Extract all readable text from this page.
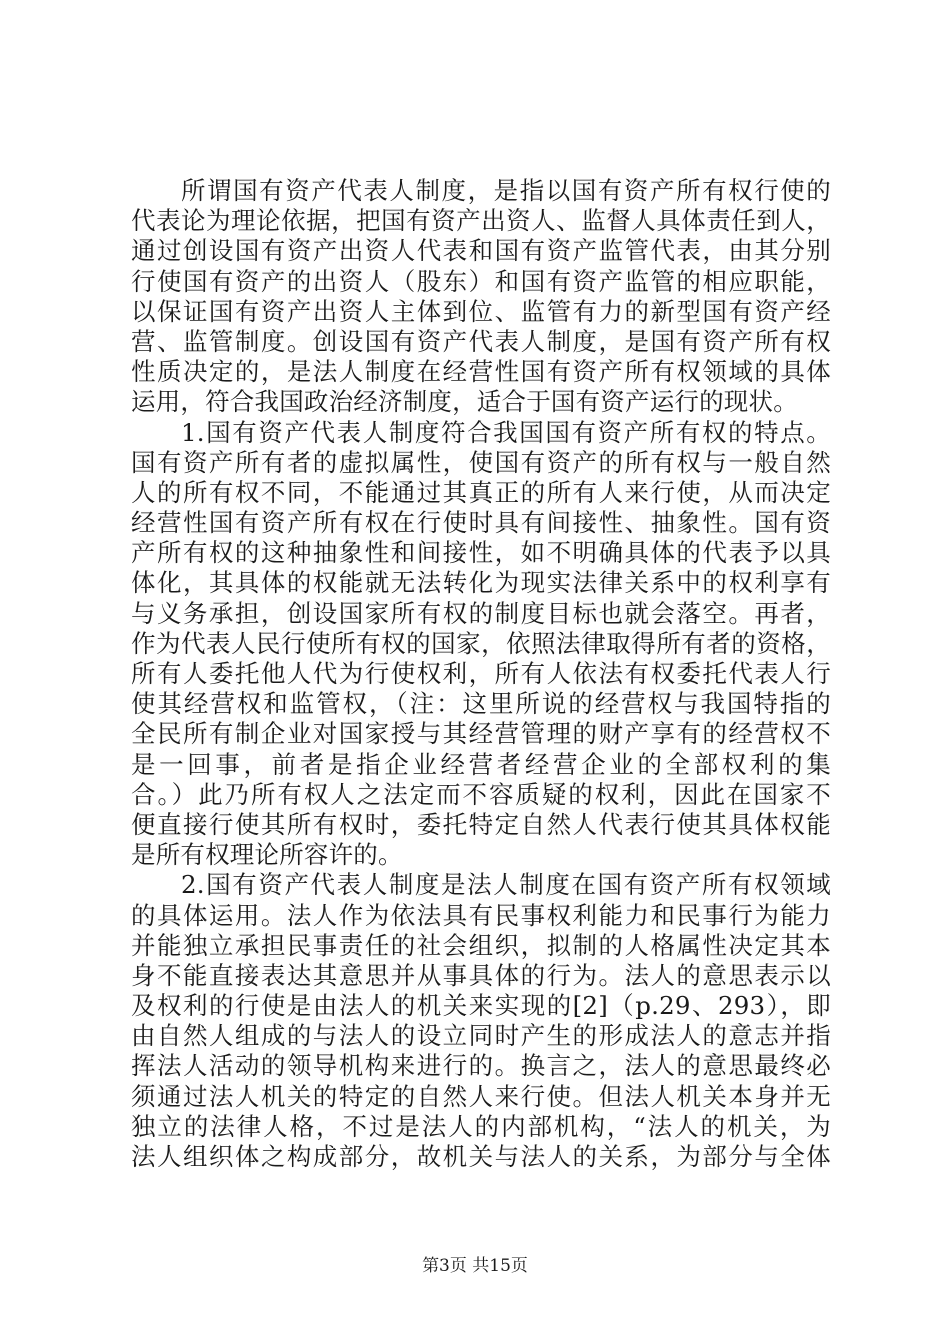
所谓国有资产代表人制度，是指以国有资产所有权行使的
代表论为理论依据，把国有资产出资人、监督人具体责任到人，
通过创设国有资产出资人代表和国有资产监管代表，由其分别
行使国有资产的出资人（股东）和国有资产监管的相应职能，
以保证国有资产出资人主体到位、监管有力的新型国有资产经
营、监管制度。创设国有资产代表人制度，是国有资产所有权
性质决定的，是法人制度在经营性国有资产所有权领域的具体
运用，符合我国政治经济制度，适合于国有资产运行的现状。
1.国有资产代表人制度符合我国国有资产所有权的特点。
国有资产所有者的虚拟属性，使国有资产的所有权与一般自然
人的所有权不同，不能通过其真正的所有人来行使，从而决定
经营性国有资产所有权在行使时具有间接性、抽象性。国有资
产所有权的这种抽象性和间接性，如不明确具体的代表予以具
体化，其具体的权能就无法转化为现实法律关系中的权利享有
与义务承担，创设国家所有权的制度目标也就会落空。再者，
作为代表人民行使所有权的国家，依照法律取得所有者的资格，
所有人委托他人代为行使权利，所有人依法有权委托代表人行
使其经营权和监管权，（注：这里所说的经营权与我国特指的
全民所有制企业对国家授与其经营管理的财产享有的经营权不
是一回事，前者是指企业经营者经营企业的全部权利的集
合。）此乃所有权人之法定而不容质疑的权利，因此在国家不
便直接行使其所有权时，委托特定自然人代表行使其具体权能
是所有权理论所容许的。
2.国有资产代表人制度是法人制度在国有资产所有权领域
的具体运用。法人作为依法具有民事权利能力和民事行为能力
并能独立承担民事责任的社会组织，拟制的人格属性决定其本
身不能直接表达其意思并从事具体的行为。法人的意思表示以
及权利的行使是由法人的机关来实现的[2]（p.29、293），即
由自然人组成的与法人的设立同时产生的形成法人的意志并指
挥法人活动的领导机构来进行的。换言之，法人的意思最终必
须通过法人机关的特定的自然人来行使。但法人机关本身并无
独立的法律人格，不过是法人的内部机构，“法人的机关，为
法人组织体之构成部分，故机关与法人的关系，为部分与全体
第3页 共15页
